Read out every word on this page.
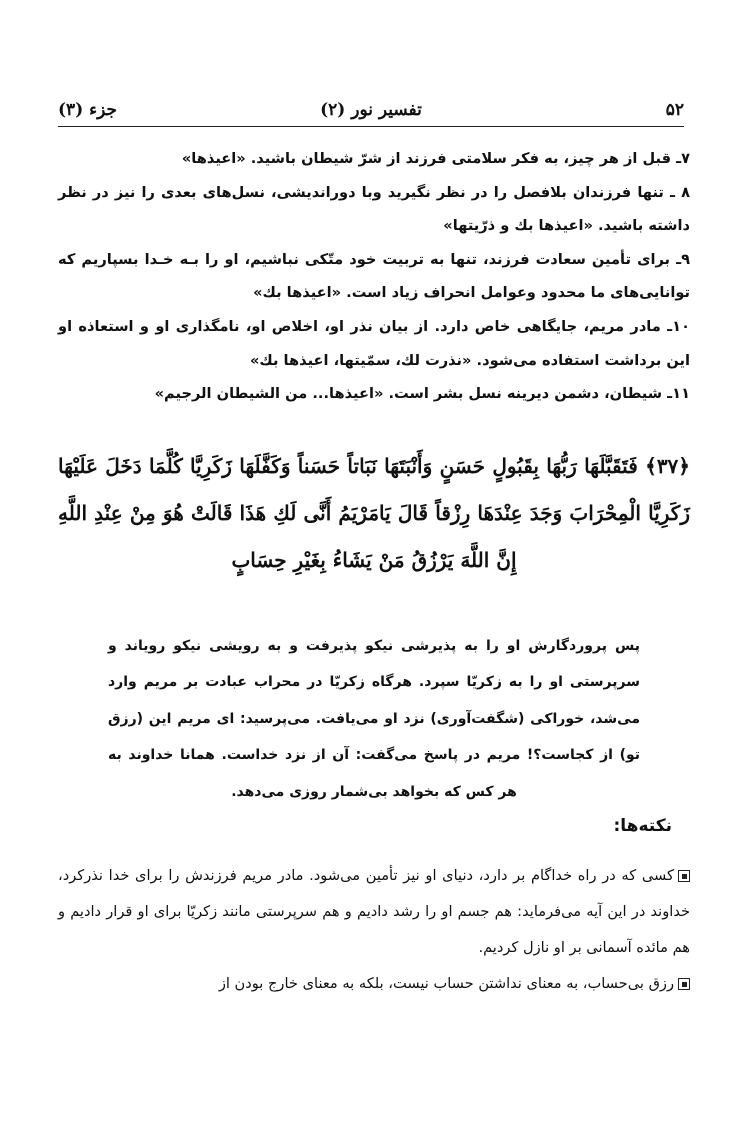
۵۲
تفسیر نور (۲)
جزء (۳)
۷ـ قبل از هر چیز، به فکر سلامتی فرزند از شرّ شیطان باشید. «اعیذها»
۸ ـ تنها فرزندان بلافصل را در نظر نگیرید وبا دوراندیشی، نسل‌های بعدی را نیز در نظر داشته باشید. «اعیذها بك و ذرّیتها»
۹ـ برای تأمین سعادت فرزند، تنها به تربیت خود متّکی نباشیم، او را بـه خـدا بسپاریم که توانایی‌های ما محدود وعوامل انحراف زیاد است. «اعیذها بك»
۱۰ـ مادر مریم، جایگاهی خاص دارد. از بیان نذر او، اخلاص او، نامگذاری او و استعاذه او این برداشت استفاده می‌شود. «نذرت لك، سمّیتها، اعیذها بك»
۱۱ـ شیطان، دشمن دیرینه نسل بشر است. «اعیذها... من الشیطان الرجیم»
﴿۳۷﴾ فَتَقَبَّلَهَا رَبُّهَا بِقَبُولٍ حَسَنٍ وَأَنْبَتَهَا نَبَاتاً حَسَناً وَكَفَّلَهَا زَكَرِيَّا كُلَّمَا دَخَلَ عَلَيْهَا زَكَرِيَّا الْمِحْرَابَ وَجَدَ عِنْدَهَا رِزْقاً قَالَ يَامَرْيَمُ أَنَّى لَكِ هَذَا قَالَتْ هُوَ مِنْ عِنْدِ اللَّهِ إِنَّ اللَّهَ يَرْزُقُ مَنْ يَشَاءُ بِغَيْرِ حِسَابٍ
پس پروردگارش او را به پذیرشی نیکو پذیرفت و به رویشی نیکو رویاند و سرپرستی او را به زکریّا سپرد. هرگاه زکریّا در محراب عبادت بر مریم وارد می‌شد، خوراکی (شگفت‌آوری) نزد او می‌یافت. می‌پرسید: ای مریم این (رزق تو) از کجاست؟! مریم در پاسخ می‌گفت: آن از نزد خداست. همانا خداوند به هر کس که بخواهد بی‌شمار روزی می‌دهد.
نکته‌ها:
کسی که در راه خداگام بر دارد، دنیای او نیز تأمین می‌شود. مادر مریم فرزندش را برای خدا نذرکرد، خداوند در این آیه می‌فرماید: هم جسم او را رشد دادیم و هم سرپرستی مانند زکریّا برای او قرار دادیم و هم مائده آسمانی بر او نازل کردیم.
رزق بی‌حساب، به معنای نداشتن حساب نیست، بلکه به معنای خارج بودن از
